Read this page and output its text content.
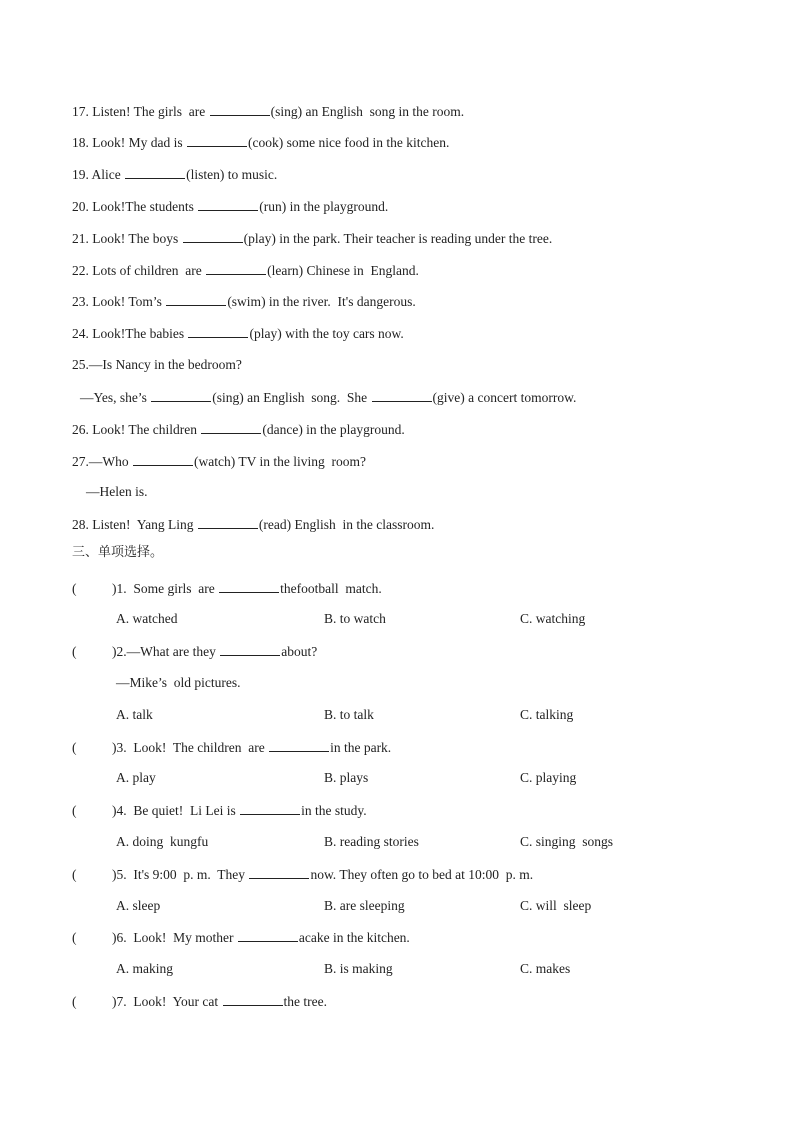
17. Listen! The girls  are	(sing) an English  song in the room.
18. Look! My dad is	(cook) some nice food in the kitchen.
19. Alice	(listen) to music.
20. Look!The students	(run) in the playground.
21. Look! The boys	(play) in the park. Their teacher is reading under the tree.
22. Lots of children  are	(learn) Chinese in  England.
23. Look! Tom’s	(swim) in the river.  It's dangerous.
24. Look!The babies	(play) with the toy cars now.
25.—Is Nancy in the bedroom?
—Yes, she’s	(sing) an English  song.  She	(give) a concert tomorrow.
26. Look! The children	(dance) in the playground.
27.—Who	(watch) TV in the living  room?
—Helen is.
28. Listen!  Yang Ling	(read) English  in the classroom.
三、单项选择。
(	)1.  Some girls  are	thefootball  match.
A. watched	B. to watch	C. watching
(	)2.—What are they	about?
—Mike’s  old pictures.
A. talk	B. to talk	C. talking
(	)3.  Look!  The children  are	in the park.
A. play	B. plays	C. playing
(	)4.  Be quiet!  Li Lei is	in the study.
A. doing  kungfu	B. reading stories	C. singing  songs
(	)5.  It's 9:00  p. m.  They	now. They often go to bed at 10:00  p. m.
A. sleep	B. are sleeping	C. will  sleep
(	)6.  Look!  My mother	acake in the kitchen.
A. making	B. is making	C. makes
(	)7.  Look!  Your cat	the tree.
